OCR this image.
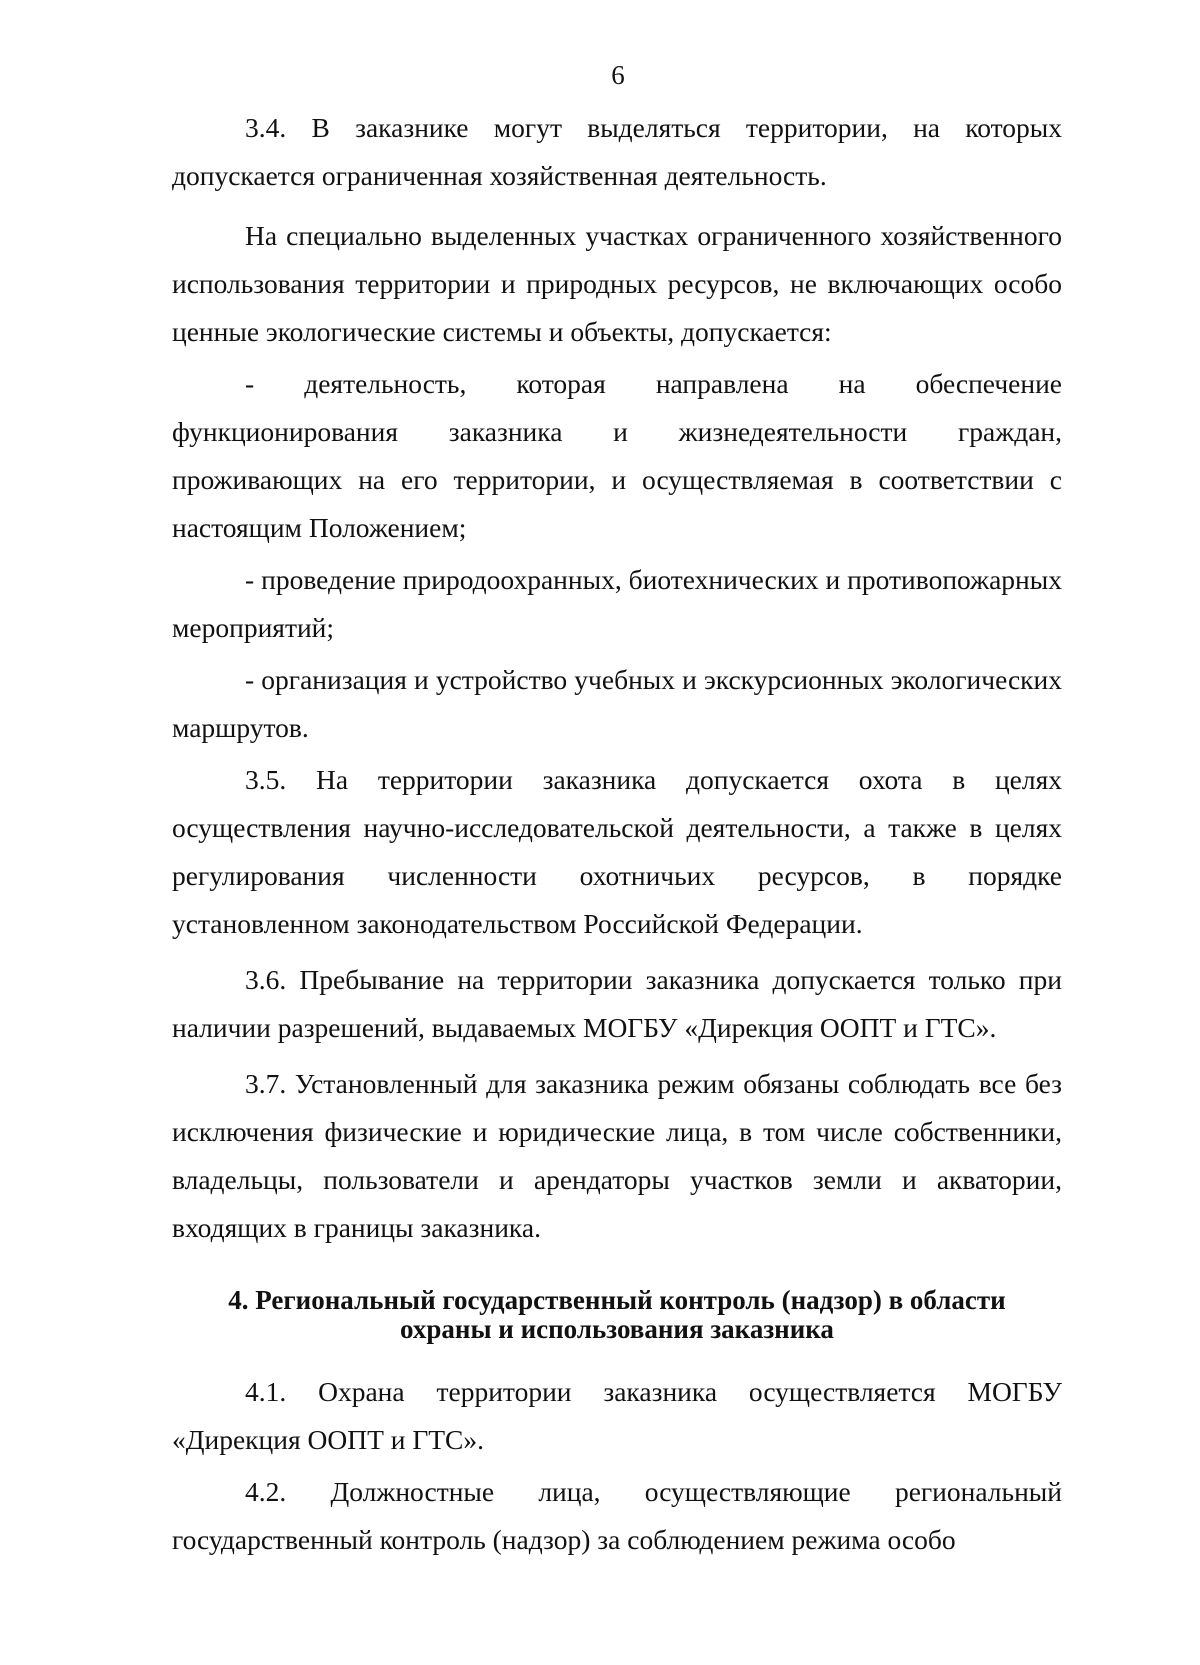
6

3.4. В заказнике могут выделяться территории, на которых допускается ограниченная хозяйственная деятельность.

На специально выделенных участках ограниченного хозяйственного использования территории и природных ресурсов, не включающих особо ценные экологические системы и объекты, допускается:

- деятельность, которая направлена на обеспечение функционирования заказника и жизнедеятельности граждан, проживающих на его территории, и осуществляемая в соответствии с настоящим Положением;

- проведение природоохранных, биотехнических и противопожарных мероприятий;

- организация и устройство учебных и экскурсионных экологических маршрутов.

3.5. На территории заказника допускается охота в целях осуществления научно-исследовательской деятельности, а также в целях регулирования численности охотничьих ресурсов, в порядке установленном законодательством Российской Федерации.

3.6. Пребывание на территории заказника допускается только при наличии разрешений, выдаваемых МОГБУ «Дирекция ООПТ и ГТС».

3.7. Установленный для заказника режим обязаны соблюдать все без исключения физические и юридические лица, в том числе собственники, владельцы, пользователи и арендаторы участков земли и акватории, входящих в границы заказника.

4. Региональный государственный контроль (надзор) в области
охраны и использования заказника

4.1. Охрана территории заказника осуществляется МОГБУ «Дирекция ООПТ и ГТС».

4.2. Должностные лица, осуществляющие региональный государственный контроль (надзор) за соблюдением режима особо
